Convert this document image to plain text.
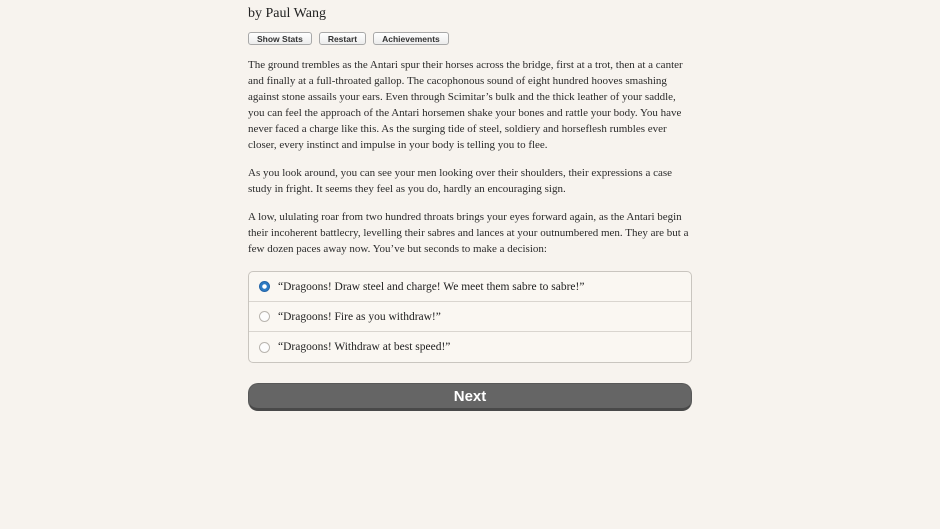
by Paul Wang
Show Stats	Restart	Achievements

The ground trembles as the Antari spur their horses across the bridge, first at a trot, then at a canter and finally at a full-throated gallop. The cacophonous sound of eight hundred hooves smashing against stone assails your ears. Even through Scimitar’s bulk and the thick leather of your saddle, you can feel the approach of the Antari horsemen shake your bones and rattle your body. You have never faced a charge like this. As the surging tide of steel, soldiery and horseflesh rumbles ever closer, every instinct and impulse in your body is telling you to flee.

As you look around, you can see your men looking over their shoulders, their expressions a case study in fright. It seems they feel as you do, hardly an encouraging sign.

A low, ululating roar from two hundred throats brings your eyes forward again, as the Antari begin their incoherent battlecry, levelling their sabres and lances at your outnumbered men. They are but a few dozen paces away now. You’ve but seconds to make a decision:

“Dragoons! Draw steel and charge! We meet them sabre to sabre!”
“Dragoons! Fire as you withdraw!”
“Dragoons! Withdraw at best speed!”
Next
